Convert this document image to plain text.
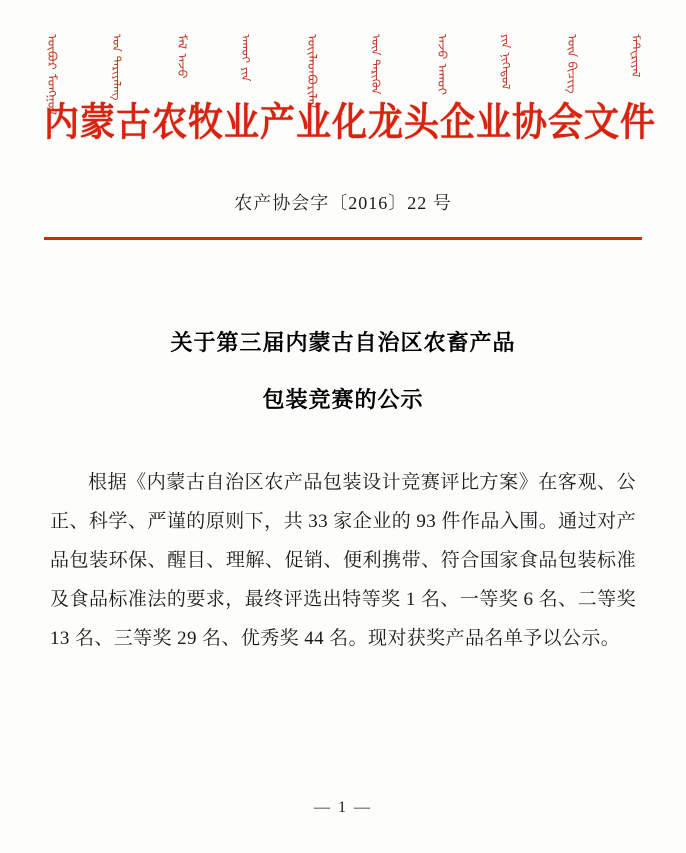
ᠦᠪᠦᠷ ᠮᠣᠩᠭᠣᠯ	ᠤᠨ ᠲᠠᠷᠢᠶᠠᠯᠠᠩ	ᠮᠠᠯ ᠠᠵᠤ	ᠠᠬᠤᠢ ᠶᠢᠨ	ᠦᠢᠯᠡᠳᠪᠦᠷᠢᠯᠡᠯ	ᠦᠨ ᠲᠡᠷᠢᠭᠦᠨ	ᠠᠵᠤ ᠠᠬᠤᠢ	ᠶᠢᠨ ᠨᠢᠭᠡᠳᠦᠯ	ᠦᠨ ᠪᠢᠴᠢᠭ	ᠮᠠᠲ᠋ᠧᠷᠢᠶᠠᠯ
内蒙古农牧业产业化龙头企业协会文件
农产协会字〔2016〕22 号
关于第三届内蒙古自治区农畜产品
包装竞赛的公示

根据《内蒙古自治区农产品包装设计竞赛评比方案》在客观、公正、科学、严谨的原则下，共 33 家企业的 93 件作品入围。通过对产品包装环保、醒目、理解、促销、便利携带、符合国家食品包装标准及食品标准法的要求，最终评选出特等奖 1 名、一等奖 6 名、二等奖 13 名、三等奖 29 名、优秀奖 44 名。现对获奖产品名单予以公示。

— 1 —
